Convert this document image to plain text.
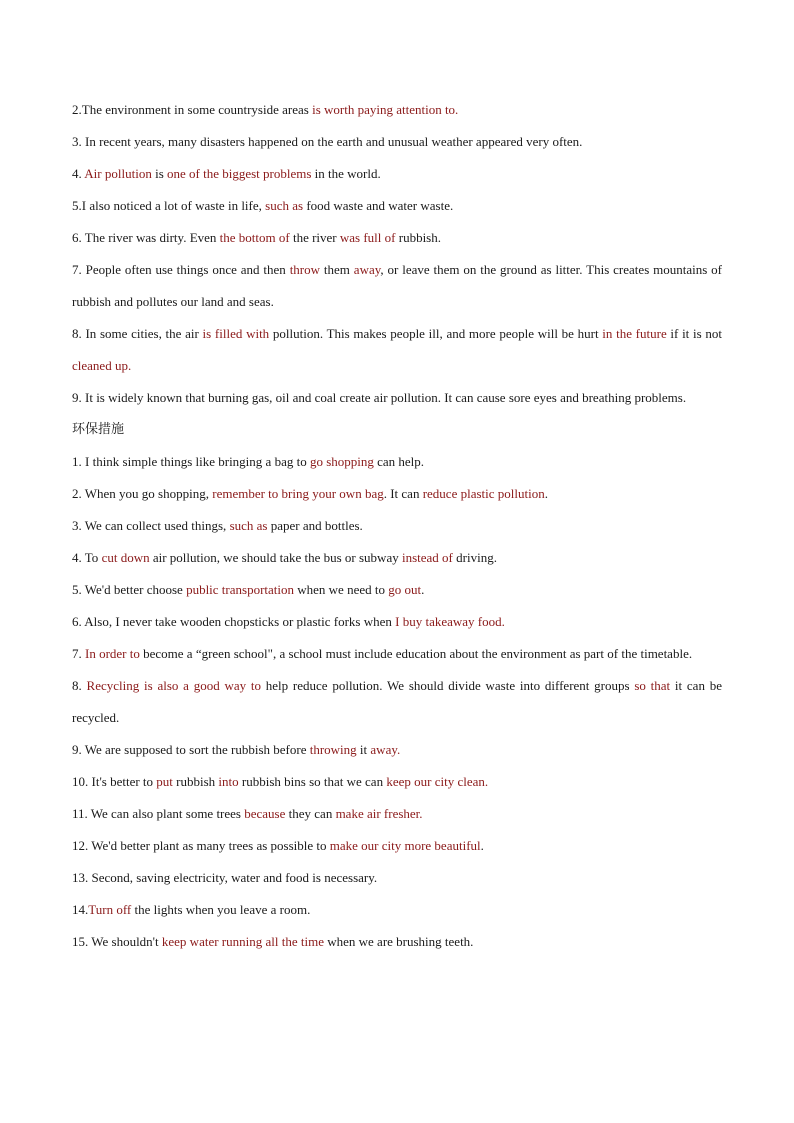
2.The environment in some countryside areas is worth paying attention to.
3. In recent years, many disasters happened on the earth and unusual weather appeared very often.
4. Air pollution is one of the biggest problems in the world.
5.I also noticed a lot of waste in life, such as food waste and water waste.
6. The river was dirty. Even the bottom of the river was full of rubbish.
7. People often use things once and then throw them away, or leave them on the ground as litter. This creates mountains of rubbish and pollutes our land and seas.
8. In some cities, the air is filled with pollution. This makes people ill, and more people will be hurt in the future if it is not cleaned up.
9. It is widely known that burning gas, oil and coal create air pollution. It can cause sore eyes and breathing problems.
环保措施
1. I think simple things like bringing a bag to go shopping can help.
2. When you go shopping, remember to bring your own bag. It can reduce plastic pollution.
3. We can collect used things, such as paper and bottles.
4. To cut down air pollution, we should take the bus or subway instead of driving.
5. We'd better choose public transportation when we need to go out.
6. Also, I never take wooden chopsticks or plastic forks when I buy takeaway food.
7. In order to become a “green school", a school must include education about the environment as part of the timetable.
8. Recycling is also a good way to help reduce pollution. We should divide waste into different groups so that it can be recycled.
9. We are supposed to sort the rubbish before throwing it away.
10. It's better to put rubbish into rubbish bins so that we can keep our city clean.
11. We can also plant some trees because they can make air fresher.
12. We'd better plant as many trees as possible to make our city more beautiful.
13. Second, saving electricity, water and food is necessary.
14.Turn off the lights when you leave a room.
15. We shouldn't keep water running all the time when we are brushing teeth.
